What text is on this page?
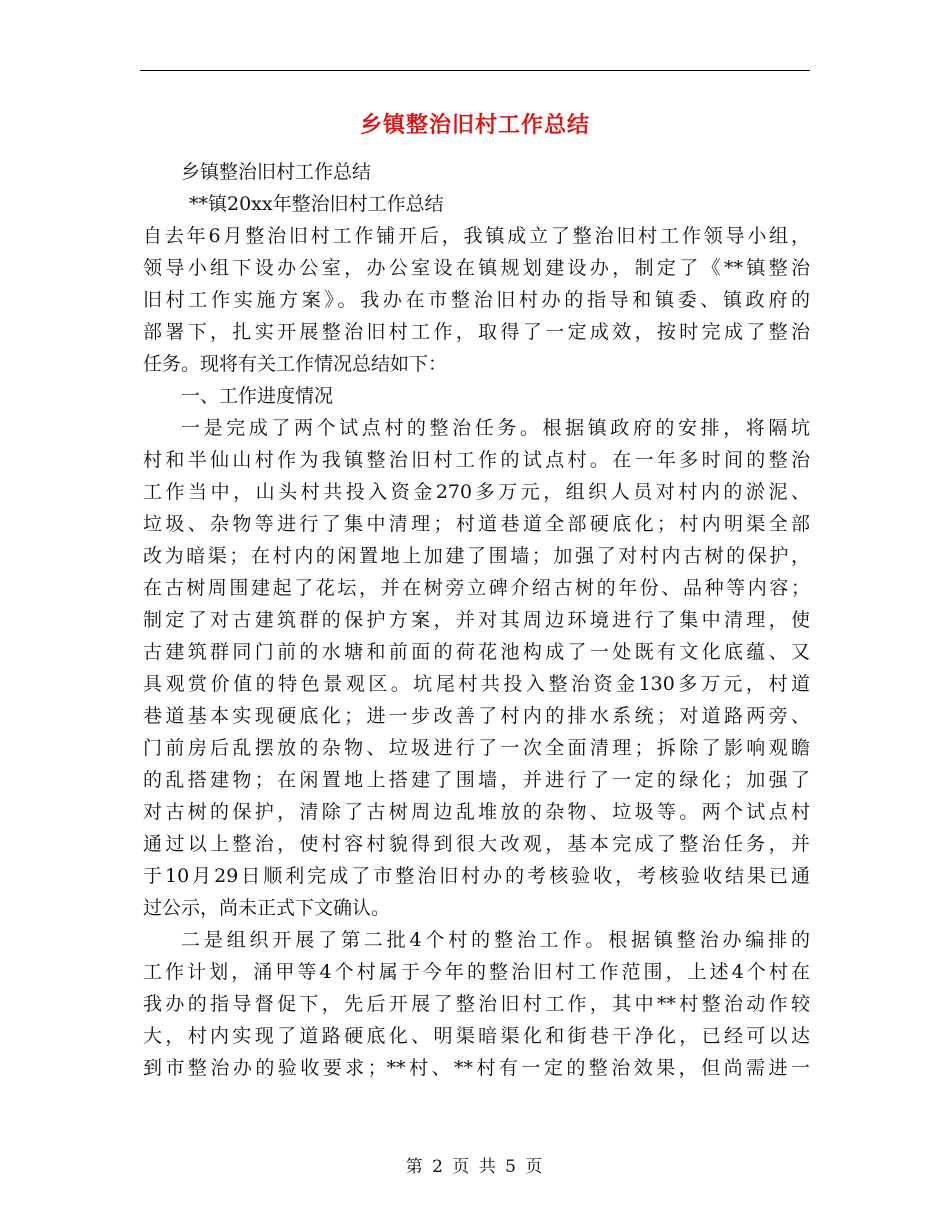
乡镇整治旧村工作总结
乡镇整治旧村工作总结
**镇20xx年整治旧村工作总结
自去年6月整治旧村工作铺开后，我镇成立了整治旧村工作领导小组，
领导小组下设办公室，办公室设在镇规划建设办，制定了《**镇整治
旧村工作实施方案》。我办在市整治旧村办的指导和镇委、镇政府的
部署下，扎实开展整治旧村工作，取得了一定成效，按时完成了整治
任务。现将有关工作情况总结如下：
一、工作进度情况
一是完成了两个试点村的整治任务。根据镇政府的安排，将隔坑
村和半仙山村作为我镇整治旧村工作的试点村。在一年多时间的整治
工作当中，山头村共投入资金270多万元，组织人员对村内的淤泥、
垃圾、杂物等进行了集中清理；村道巷道全部硬底化；村内明渠全部
改为暗渠；在村内的闲置地上加建了围墙；加强了对村内古树的保护，
在古树周围建起了花坛，并在树旁立碑介绍古树的年份、品种等内容；
制定了对古建筑群的保护方案，并对其周边环境进行了集中清理，使
古建筑群同门前的水塘和前面的荷花池构成了一处既有文化底蕴、又
具观赏价值的特色景观区。坑尾村共投入整治资金130多万元，村道
巷道基本实现硬底化；进一步改善了村内的排水系统；对道路两旁、
门前房后乱摆放的杂物、垃圾进行了一次全面清理；拆除了影响观瞻
的乱搭建物；在闲置地上搭建了围墙，并进行了一定的绿化；加强了
对古树的保护，清除了古树周边乱堆放的杂物、垃圾等。两个试点村
通过以上整治，使村容村貌得到很大改观，基本完成了整治任务，并
于10月29日顺利完成了市整治旧村办的考核验收，考核验收结果已通
过公示，尚未正式下文确认。
二是组织开展了第二批4个村的整治工作。根据镇整治办编排的
工作计划，涌甲等4个村属于今年的整治旧村工作范围，上述4个村在
我办的指导督促下，先后开展了整治旧村工作，其中**村整治动作较
大，村内实现了道路硬底化、明渠暗渠化和街巷干净化，已经可以达
到市整治办的验收要求；**村、**村有一定的整治效果，但尚需进一
第 2 页 共 5 页
